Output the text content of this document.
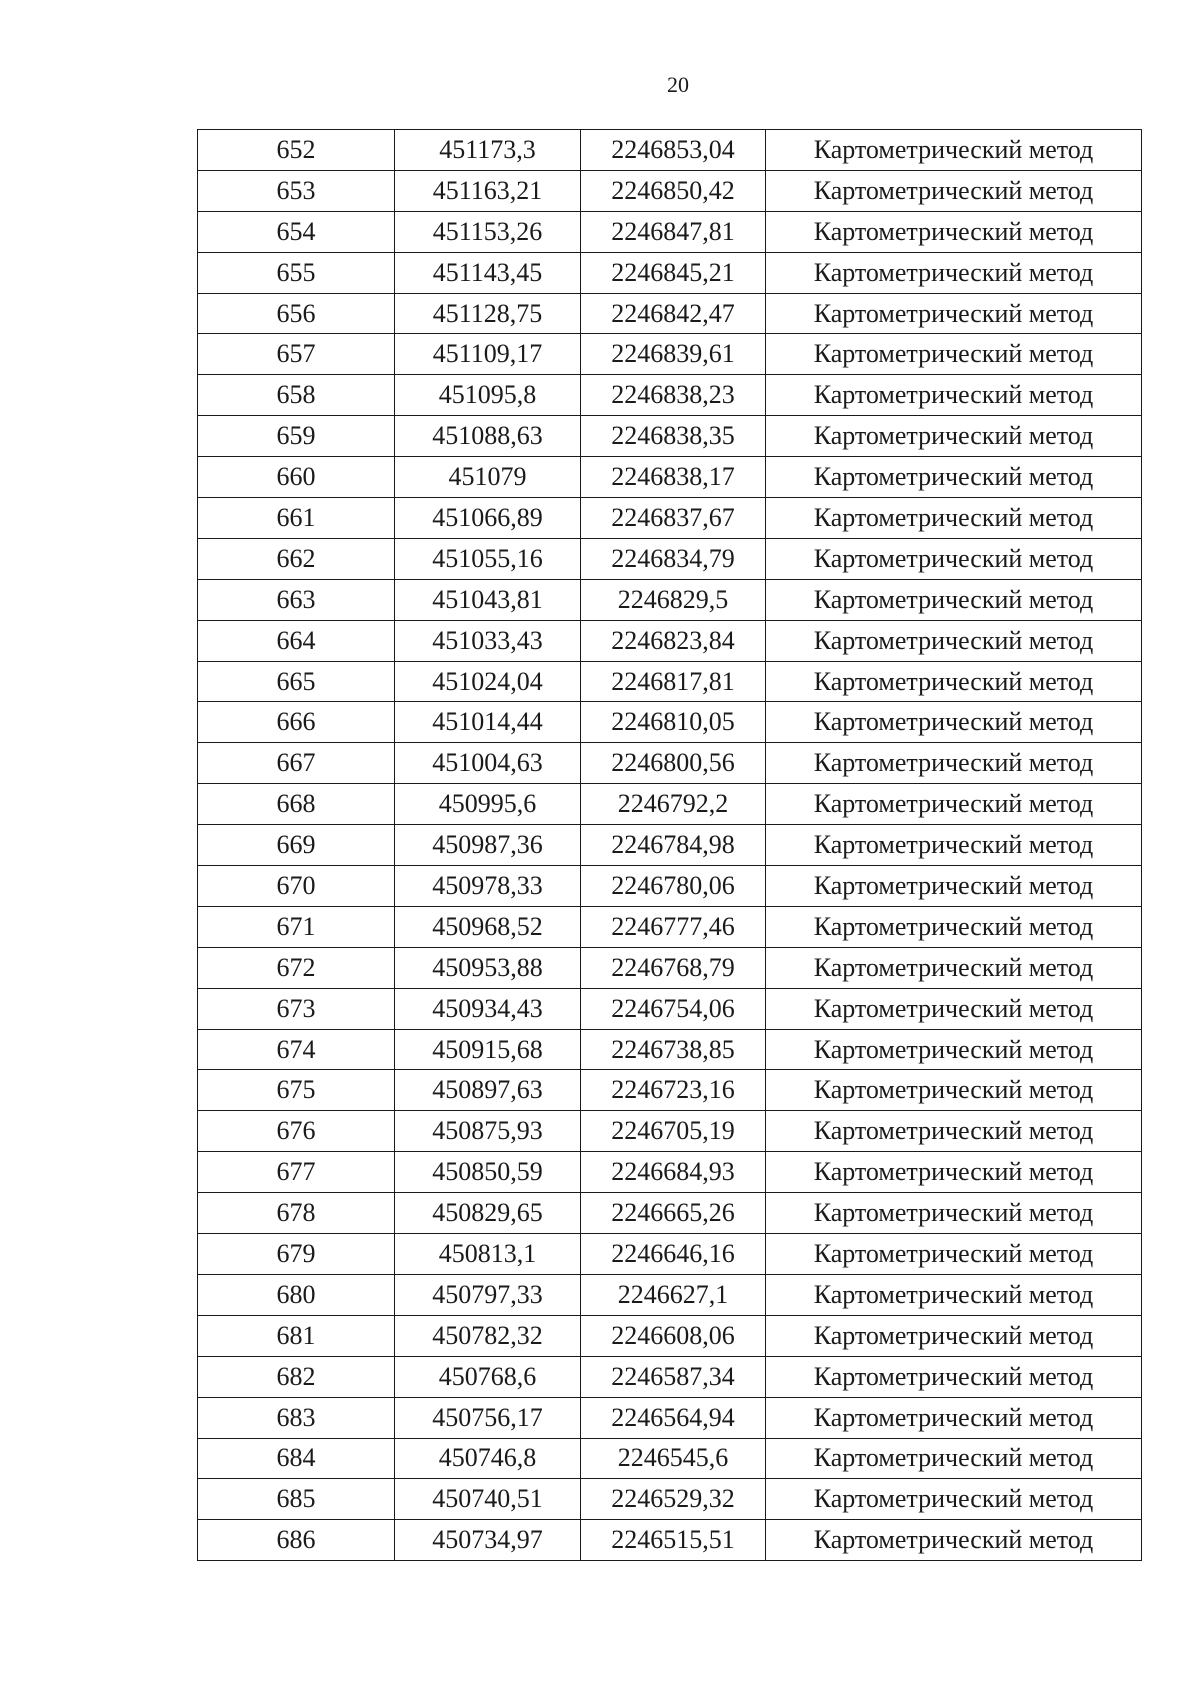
20
652	451173,3	2246853,04	Картометрический метод
653	451163,21	2246850,42	Картометрический метод
654	451153,26	2246847,81	Картометрический метод
655	451143,45	2246845,21	Картометрический метод
656	451128,75	2246842,47	Картометрический метод
657	451109,17	2246839,61	Картометрический метод
658	451095,8	2246838,23	Картометрический метод
659	451088,63	2246838,35	Картометрический метод
660	451079	2246838,17	Картометрический метод
661	451066,89	2246837,67	Картометрический метод
662	451055,16	2246834,79	Картометрический метод
663	451043,81	2246829,5	Картометрический метод
664	451033,43	2246823,84	Картометрический метод
665	451024,04	2246817,81	Картометрический метод
666	451014,44	2246810,05	Картометрический метод
667	451004,63	2246800,56	Картометрический метод
668	450995,6	2246792,2	Картометрический метод
669	450987,36	2246784,98	Картометрический метод
670	450978,33	2246780,06	Картометрический метод
671	450968,52	2246777,46	Картометрический метод
672	450953,88	2246768,79	Картометрический метод
673	450934,43	2246754,06	Картометрический метод
674	450915,68	2246738,85	Картометрический метод
675	450897,63	2246723,16	Картометрический метод
676	450875,93	2246705,19	Картометрический метод
677	450850,59	2246684,93	Картометрический метод
678	450829,65	2246665,26	Картометрический метод
679	450813,1	2246646,16	Картометрический метод
680	450797,33	2246627,1	Картометрический метод
681	450782,32	2246608,06	Картометрический метод
682	450768,6	2246587,34	Картометрический метод
683	450756,17	2246564,94	Картометрический метод
684	450746,8	2246545,6	Картометрический метод
685	450740,51	2246529,32	Картометрический метод
686	450734,97	2246515,51	Картометрический метод
